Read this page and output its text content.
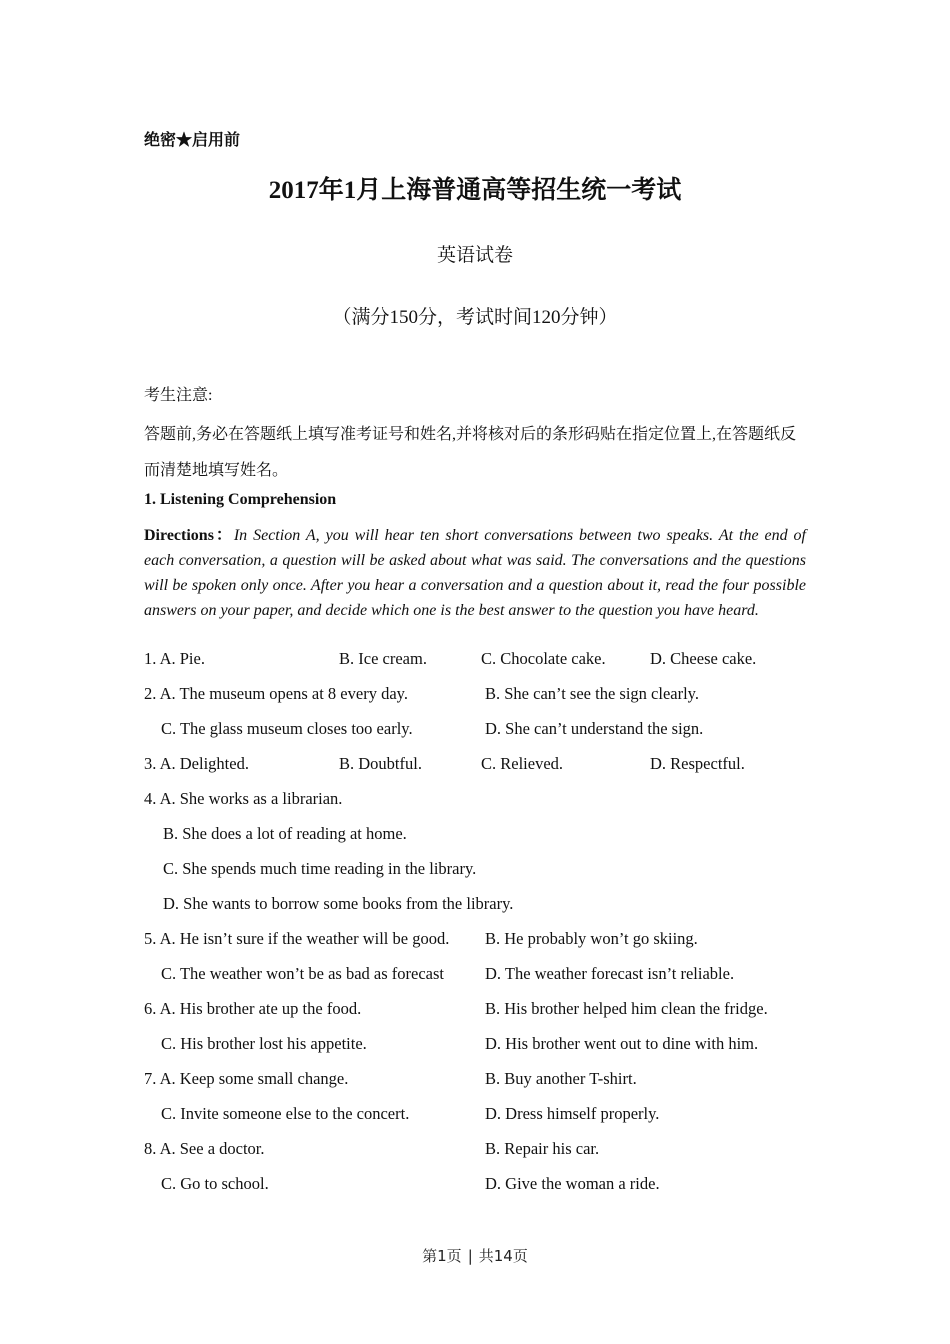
绝密★启用前
2017年1月上海普通高等招生统一考试
英语试卷
（满分150分，考试时间120分钟）
考生注意:
答题前,务必在答题纸上填写准考证号和姓名,并将核对后的条形码贴在指定位置上,在答题纸反而清楚地填写姓名。
1. Listening Comprehension
Directions：In Section A, you will hear ten short conversations between two speaks. At the end of each conversation, a question will be asked about what was said. The conversations and the questions will be spoken only once. After you hear a conversation and a question about it, read the four possible answers on your paper, and decide which one is the best answer to the question you have heard.
1. A. Pie.	B. Ice cream.	C. Chocolate cake.	D. Cheese cake.
2. A. The museum opens at 8 every day.	B. She can’t see the sign clearly.
C. The glass museum closes too early.	D. She can’t understand the sign.
3. A. Delighted.	B. Doubtful.	C. Relieved.	D. Respectful.
4. A. She works as a librarian.
B. She does a lot of reading at home.
C. She spends much time reading in the library.
D. She wants to borrow some books from the library.
5. A. He isn’t sure if the weather will be good. B. He probably won’t go skiing.
C. The weather won’t be as bad as forecast D. The weather forecast isn’t reliable.
6. A. His brother ate up the food.	B. His brother helped him clean the fridge.
C. His brother lost his appetite.	D. His brother went out to dine with him.
7. A. Keep some small change.	B. Buy another T-shirt.
C. Invite someone else to the concert.	D. Dress himself properly.
8. A. See a doctor.	B. Repair his car.
C. Go to school.	D. Give the woman a ride.
第1页 | 共14页
